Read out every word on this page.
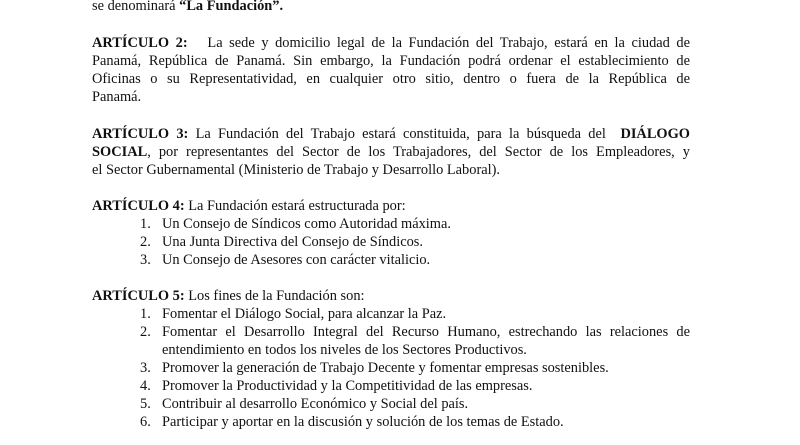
se denominará “La Fundación”.
ARTÍCULO 2: La sede y domicilio legal de la Fundación del Trabajo, estará en la ciudad de
Panamá, República de Panamá. Sin embargo, la Fundación podrá ordenar el establecimiento de
Oficinas o su Representatividad, en cualquier otro sitio, dentro o fuera de la República de
Panamá.
ARTÍCULO 3: La Fundación del Trabajo estará constituida, para la búsqueda del DIÁLOGO
SOCIAL, por representantes del Sector de los Trabajadores, del Sector de los Empleadores, y
el Sector Gubernamental (Ministerio de Trabajo y Desarrollo Laboral).
ARTÍCULO 4: La Fundación estará estructurada por:
1. Un Consejo de Síndicos como Autoridad máxima.
2. Una Junta Directiva del Consejo de Síndicos.
3. Un Consejo de Asesores con carácter vitalicio.
ARTÍCULO 5: Los fines de la Fundación son:
1. Fomentar el Diálogo Social, para alcanzar la Paz.
2. Fomentar el Desarrollo Integral del Recurso Humano, estrechando las relaciones de
entendimiento en todos los niveles de los Sectores Productivos.
3. Promover la generación de Trabajo Decente y fomentar empresas sostenibles.
4. Promover la Productividad y la Competitividad de las empresas.
5. Contribuir al desarrollo Económico y Social del país.
6. Participar y aportar en la discusión y solución de los temas de Estado.
